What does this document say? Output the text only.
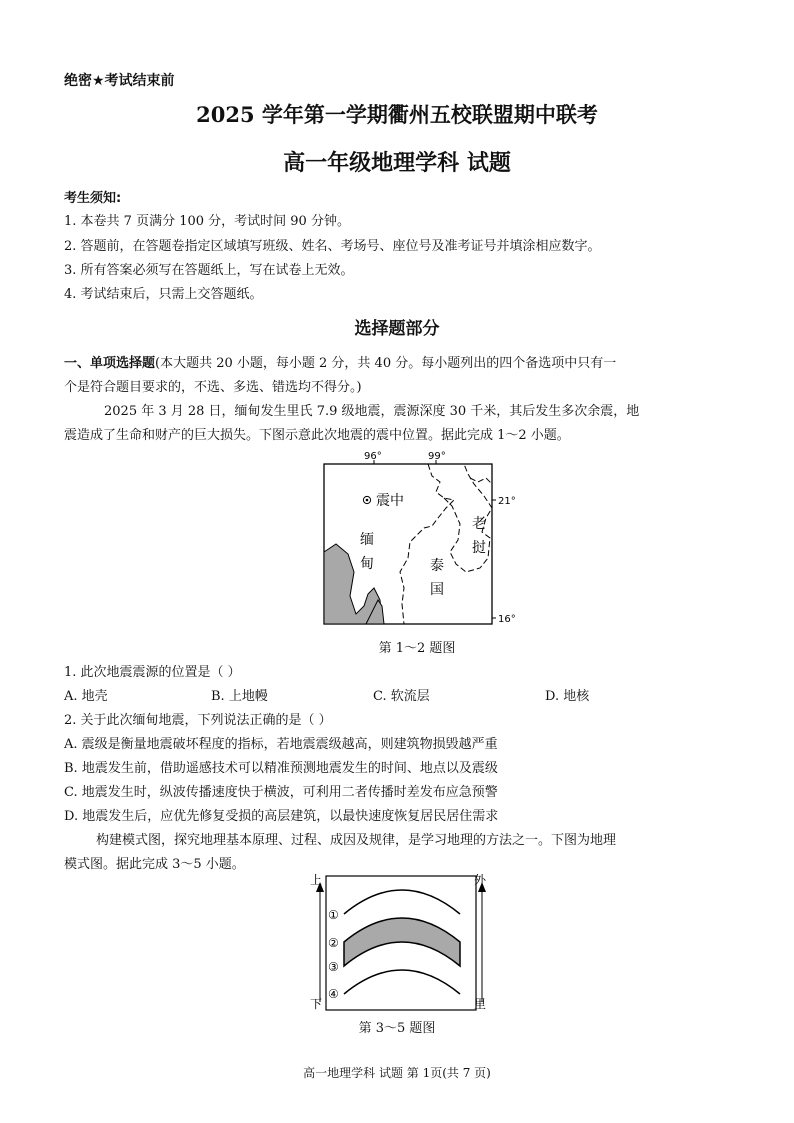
绝密★考试结束前
2025 学年第一学期衢州五校联盟期中联考
高一年级地理学科 试题
考生须知:
1. 本卷共 7 页满分 100 分，考试时间 90 分钟。
2. 答题前，在答题卷指定区域填写班级、姓名、考场号、座位号及准考证号并填涂相应数字。
3. 所有答案必须写在答题纸上，写在试卷上无效。
4. 考试结束后，只需上交答题纸。
选择题部分
一、单项选择题(本大题共 20 小题，每小题 2 分，共 40 分。每小题列出的四个备选项中只有一
个是符合题目要求的，不选、多选、错选均不得分。)
2025 年 3 月 28 日，缅甸发生里氏 7.9 级地震，震源深度 30 千米，其后发生多次余震，地
震造成了生命和财产的巨大损失。下图示意此次地震的震中位置。据此完成 1～2 小题。
96°	99°
21°
16°
震中
缅
甸	泰
国
老
挝
第 1～2 题图
1. 此次地震震源的位置是（ ）
A. 地壳	B. 上地幔	C. 软流层	D. 地核
2. 关于此次缅甸地震，下列说法正确的是（ ）
A. 震级是衡量地震破坏程度的指标，若地震震级越高，则建筑物损毁越严重
B. 地震发生前，借助遥感技术可以精准预测地震发生的时间、地点以及震级
C. 地震发生时，纵波传播速度快于横波，可利用二者传播时差发布应急预警
D. 地震发生后，应优先修复受损的高层建筑，以最快速度恢复居民居住需求
构建模式图，探究地理基本原理、过程、成因及规律，是学习地理的方法之一。下图为地理
模式图。据此完成 3～5 小题。
上
下
外
里
①
②
③
④
第 3～5 题图
高一地理学科 试题 第 1页(共 7 页)
